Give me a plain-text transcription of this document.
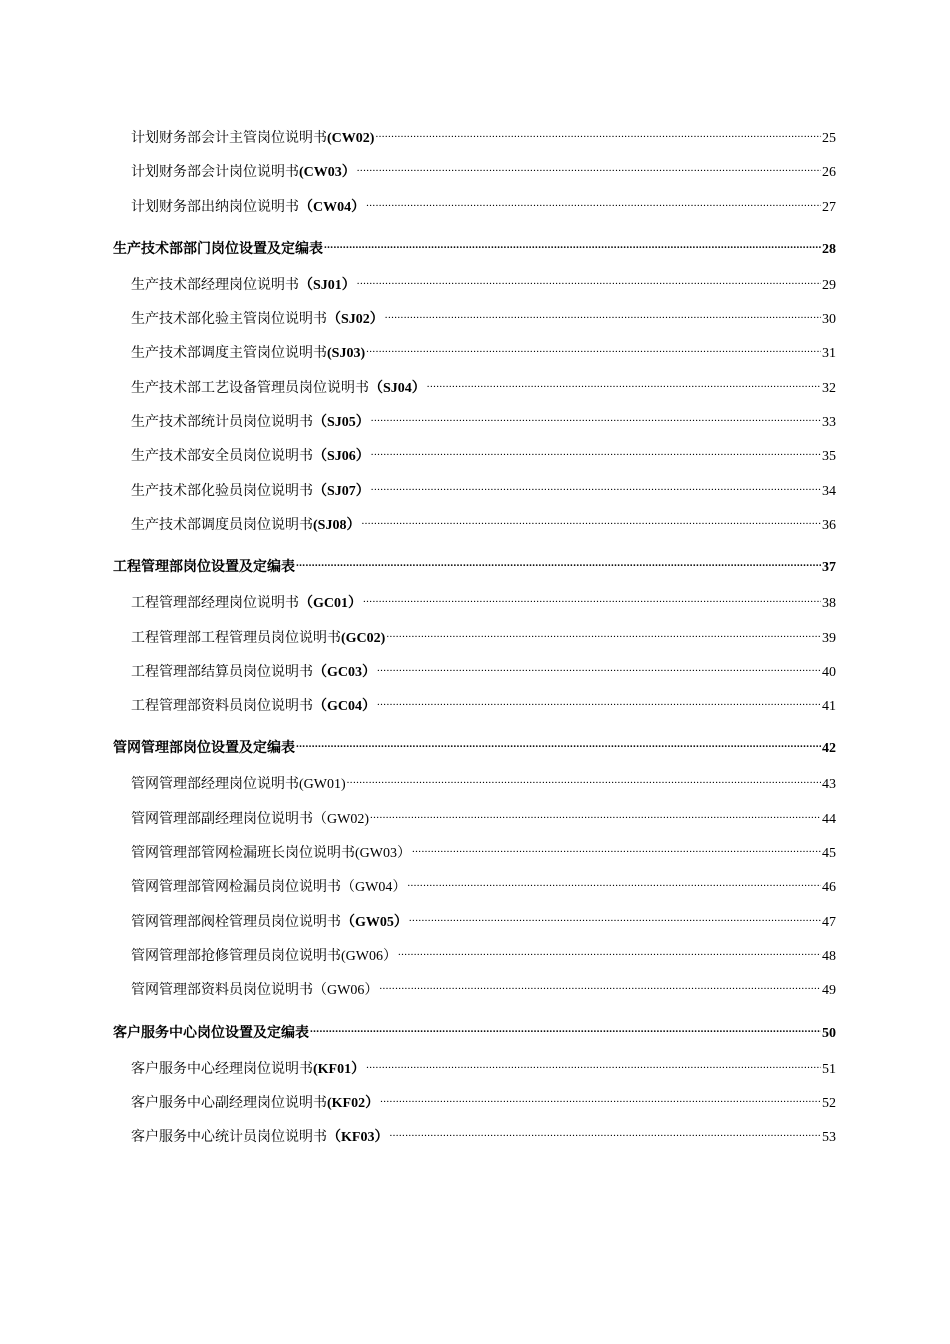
计划财务部会计主管岗位说明书(CW02) .....	25
计划财务部会计岗位说明书(CW03） .....	26
计划财务部出纳岗位说明书（CW04） .....	27
生产技术部部门岗位设置及定编表 .....	28
生产技术部经理岗位说明书（SJ01） .....	29
生产技术部化验主管岗位说明书（SJ02） .....	30
生产技术部调度主管岗位说明书(SJ03) .....	31
生产技术部工艺设备管理员岗位说明书（SJ04） .....	32
生产技术部统计员岗位说明书（SJ05） .....	33
生产技术部安全员岗位说明书（SJ06） .....	35
生产技术部化验员岗位说明书（SJ07） .....	34
生产技术部调度员岗位说明书(SJ08） .....	36
工程管理部岗位设置及定编表 .....	37
工程管理部经理岗位说明书（GC01） .....	38
工程管理部工程管理员岗位说明书(GC02) .....	39
工程管理部结算员岗位说明书（GC03） .....	40
工程管理部资料员岗位说明书（GC04） .....	41
管网管理部岗位设置及定编表 .....	42
管网管理部经理岗位说明书(GW01) .....	43
管网管理部副经理岗位说明书（GW02) .....	44
管网管理部管网检漏班长岗位说明书(GW03） .....	45
管网管理部管网检漏员岗位说明书（GW04） .....	46
管网管理部阀栓管理员岗位说明书（GW05） .....	47
管网管理部抢修管理员岗位说明书(GW06） .....	48
管网管理部资料员岗位说明书（GW06） .....	49
客户服务中心岗位设置及定编表 .....	50
客户服务中心经理岗位说明书(KF01） .....	51
客户服务中心副经理岗位说明书(KF02） .....	52
客户服务中心统计员岗位说明书（KF03） .....	53
